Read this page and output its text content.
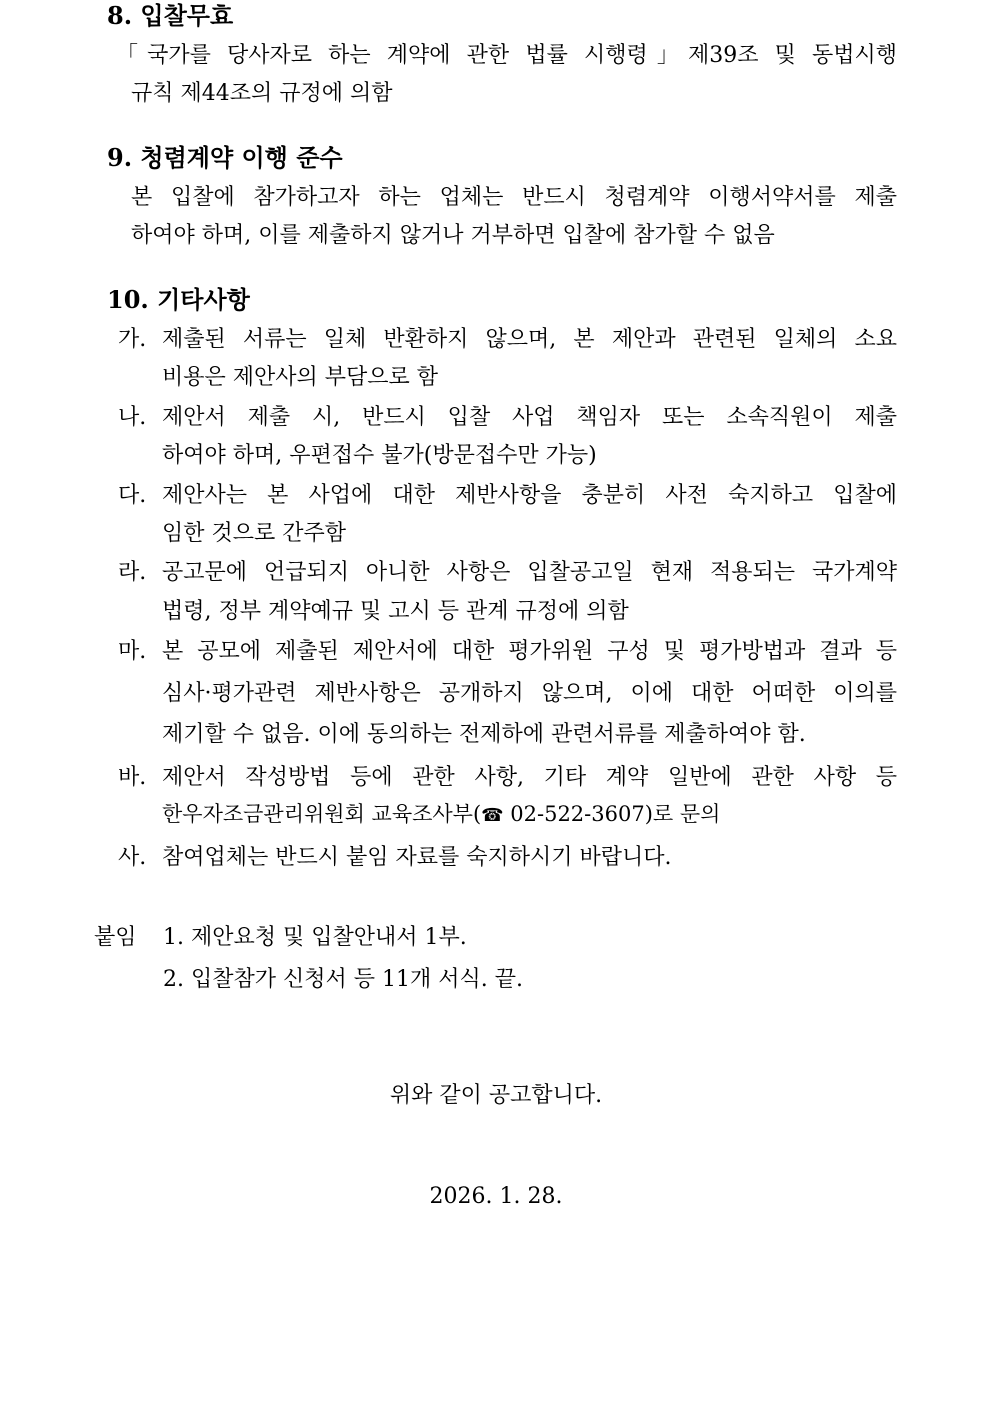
8. 입찰무효
「국가를 당사자로 하는 계약에 관한 법률 시행령」제39조 및 동법시행
규칙 제44조의 규정에 의함
9. 청렴계약 이행 준수
본 입찰에 참가하고자 하는 업체는 반드시 청렴계약 이행서약서를 제출
하여야 하며, 이를 제출하지 않거나 거부하면 입찰에 참가할 수 없음
10. 기타사항
가. 제출된 서류는 일체 반환하지 않으며, 본 제안과 관련된 일체의 소요
비용은 제안사의 부담으로 함
나. 제안서 제출 시, 반드시 입찰 사업 책임자 또는 소속직원이 제출
하여야 하며, 우편접수 불가(방문접수만 가능)
다. 제안사는 본 사업에 대한 제반사항을 충분히 사전 숙지하고 입찰에
임한 것으로 간주함
라. 공고문에 언급되지 아니한 사항은 입찰공고일 현재 적용되는 국가계약
법령, 정부 계약예규 및 고시 등 관계 규정에 의함
마. 본 공모에 제출된 제안서에 대한 평가위원 구성 및 평가방법과 결과 등
심사·평가관련 제반사항은 공개하지 않으며, 이에 대한 어떠한 이의를
제기할 수 없음. 이에 동의하는 전제하에 관련서류를 제출하여야 함.
바. 제안서 작성방법 등에 관한 사항, 기타 계약 일반에 관한 사항 등
한우자조금관리위원회 교육조사부(☎ 02-522-3607)로 문의
사. 참여업체는 반드시 붙임 자료를 숙지하시기 바랍니다.
붙임 1. 제안요청 및 입찰안내서 1부.
2. 입찰참가 신청서 등 11개 서식. 끝.
위와 같이 공고합니다.
2026. 1. 28.
